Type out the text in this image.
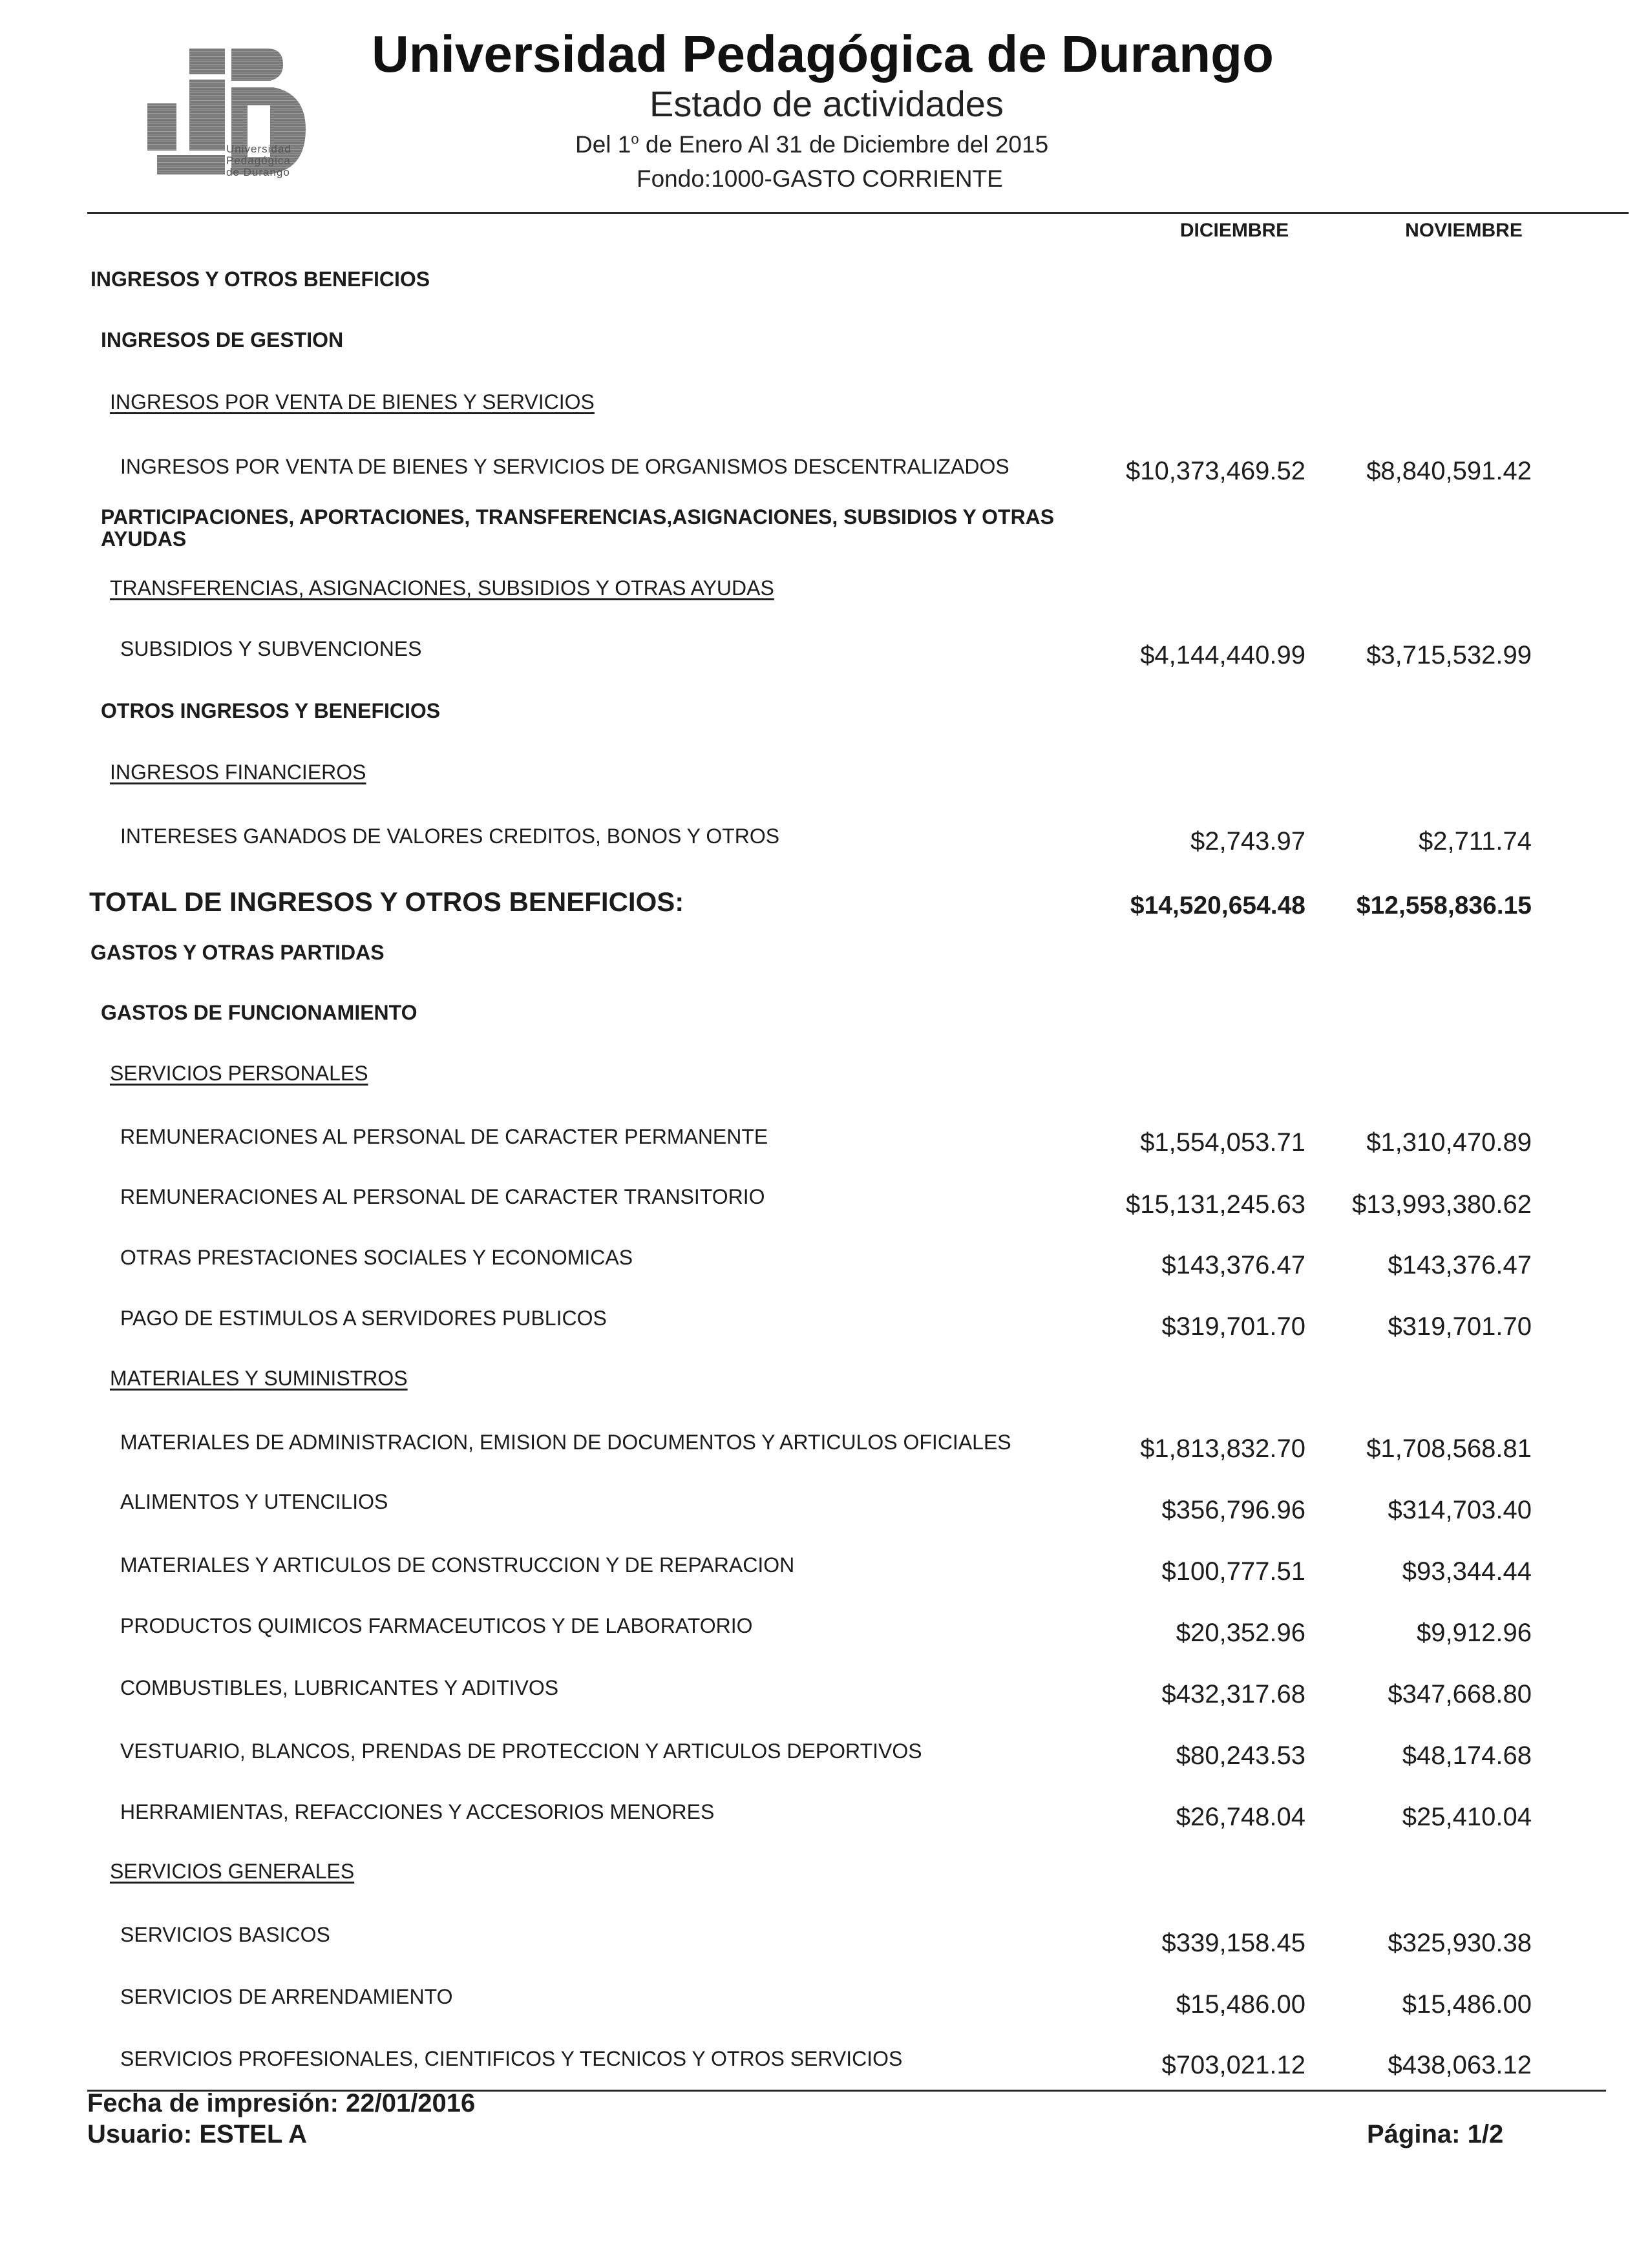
Universidad
Pedagógica
de Durango
Universidad Pedagógica de Durango
Estado de actividades
Del 1$^o$ de Enero Al 31 de Diciembre del 2015
Fondo:1000-GASTO CORRIENTE
DICIEMBRE	NOVIEMBRE
INGRESOS Y OTROS BENEFICIOS
INGRESOS DE GESTION
INGRESOS POR VENTA DE BIENES Y SERVICIOS
INGRESOS POR VENTA DE BIENES Y SERVICIOS DE ORGANISMOS DESCENTRALIZADOS	$10,373,469.52	$8,840,591.42
PARTICIPACIONES, APORTACIONES, TRANSFERENCIAS,ASIGNACIONES, SUBSIDIOS Y OTRAS AYUDAS
TRANSFERENCIAS, ASIGNACIONES, SUBSIDIOS Y OTRAS AYUDAS
SUBSIDIOS Y SUBVENCIONES	$4,144,440.99	$3,715,532.99
OTROS INGRESOS Y BENEFICIOS
INGRESOS FINANCIEROS
INTERESES GANADOS DE VALORES CREDITOS, BONOS Y OTROS	$2,743.97	$2,711.74
TOTAL DE INGRESOS Y OTROS BENEFICIOS:	$14,520,654.48	$12,558,836.15
GASTOS Y OTRAS PARTIDAS
GASTOS DE FUNCIONAMIENTO
SERVICIOS PERSONALES
REMUNERACIONES AL PERSONAL DE CARACTER PERMANENTE	$1,554,053.71	$1,310,470.89
REMUNERACIONES AL PERSONAL DE CARACTER TRANSITORIO	$15,131,245.63	$13,993,380.62
OTRAS PRESTACIONES SOCIALES Y ECONOMICAS	$143,376.47	$143,376.47
PAGO DE ESTIMULOS A SERVIDORES PUBLICOS	$319,701.70	$319,701.70
MATERIALES Y SUMINISTROS
MATERIALES DE ADMINISTRACION, EMISION DE DOCUMENTOS Y ARTICULOS OFICIALES	$1,813,832.70	$1,708,568.81
ALIMENTOS Y UTENCILIOS	$356,796.96	$314,703.40
MATERIALES Y ARTICULOS DE CONSTRUCCION Y DE REPARACION	$100,777.51	$93,344.44
PRODUCTOS QUIMICOS FARMACEUTICOS Y DE LABORATORIO	$20,352.96	$9,912.96
COMBUSTIBLES, LUBRICANTES Y ADITIVOS	$432,317.68	$347,668.80
VESTUARIO, BLANCOS, PRENDAS DE PROTECCION Y ARTICULOS DEPORTIVOS	$80,243.53	$48,174.68
HERRAMIENTAS, REFACCIONES Y ACCESORIOS MENORES	$26,748.04	$25,410.04
SERVICIOS GENERALES
SERVICIOS BASICOS	$339,158.45	$325,930.38
SERVICIOS DE ARRENDAMIENTO	$15,486.00	$15,486.00
SERVICIOS PROFESIONALES, CIENTIFICOS Y TECNICOS Y OTROS SERVICIOS	$703,021.12	$438,063.12
Fecha de impresión: 22/01/2016
Usuario: ESTEL A	Página: 1/2
